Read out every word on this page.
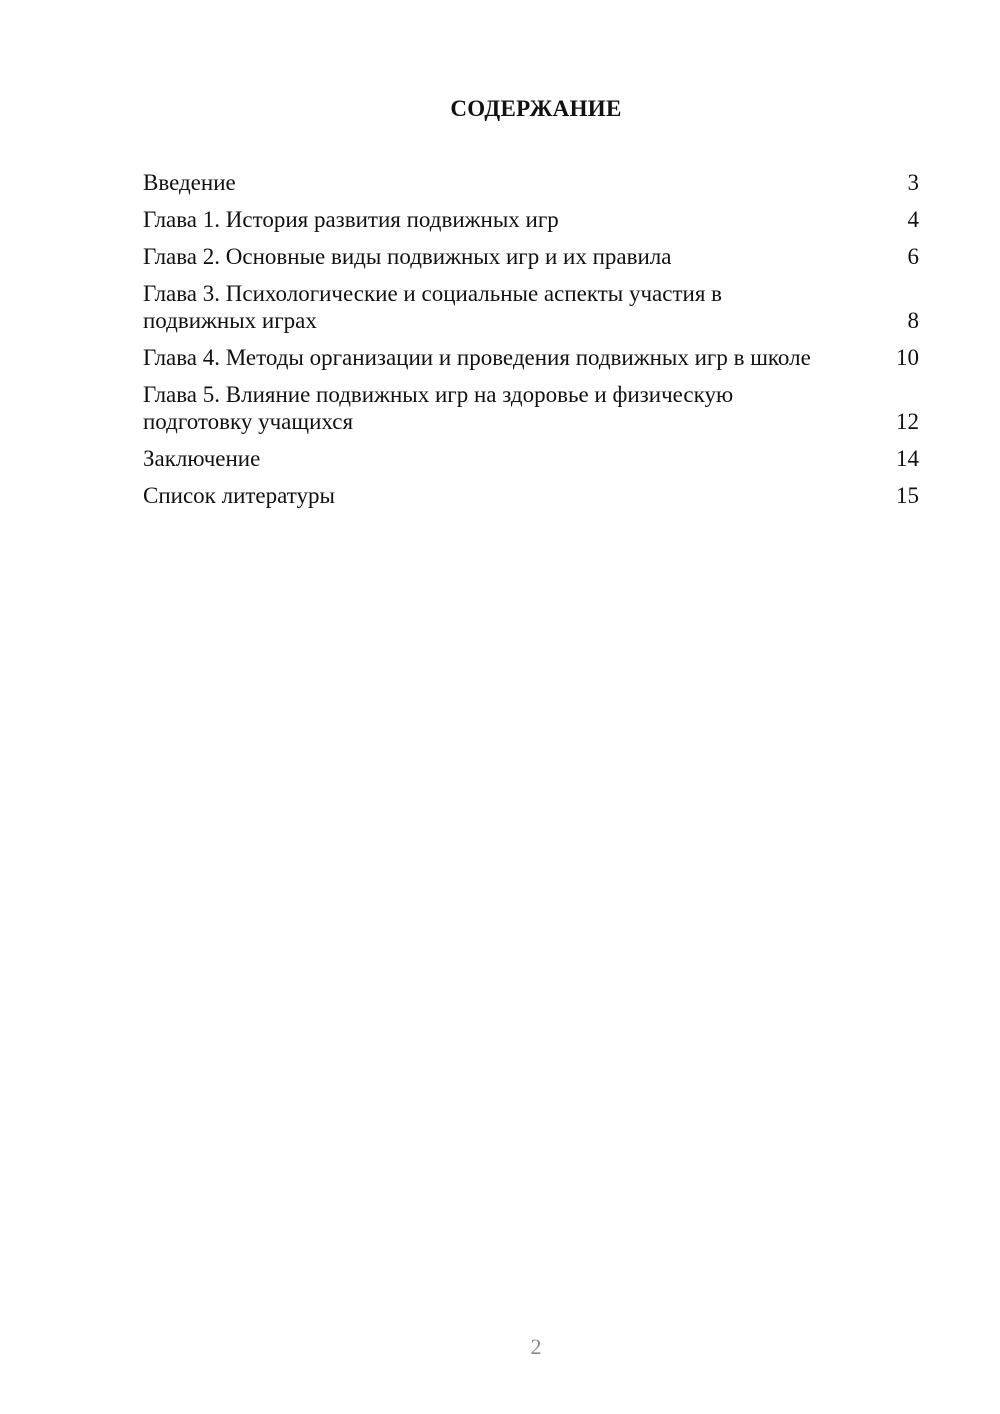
СОДЕРЖАНИЕ
Введение	3
Глава 1. История развития подвижных игр	4
Глава 2. Основные виды подвижных игр и их правила	6
Глава 3. Психологические и социальные аспекты участия в подвижных играх	8
Глава 4. Методы организации и проведения подвижных игр в школе	10
Глава 5. Влияние подвижных игр на здоровье и физическую подготовку учащихся	12
Заключение	14
Список литературы	15
2
